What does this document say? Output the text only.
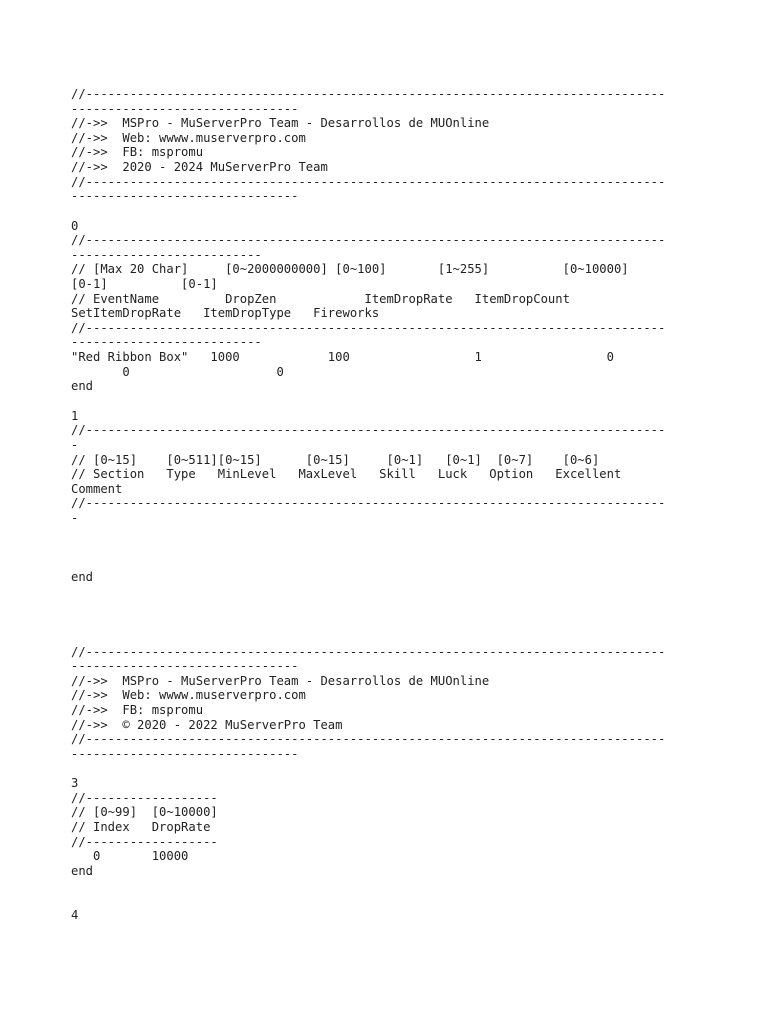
//-------------------------------------------------------------------------------

-------------------------------

//->>  MSPro - MuServerPro Team - Desarrollos de MUOnline

//->>  Web: wwww.muserverpro.com

//->>  FB: mspromu

//->>  2020 - 2024 MuServerPro Team

//-------------------------------------------------------------------------------

-------------------------------

0

//-------------------------------------------------------------------------------

--------------------------

// [Max 20 Char]     [0~2000000000] [0~100]       [1~255]          [0~10000]

[0-1]          [0-1]

// EventName         DropZen            ItemDropRate   ItemDropCount

SetItemDropRate   ItemDropType   Fireworks

//-------------------------------------------------------------------------------

--------------------------

"Red Ribbon Box"   1000            100                 1                 0

0                    0

end

1

//-------------------------------------------------------------------------------

-

// [0~15]    [0~511][0~15]      [0~15]     [0~1]   [0~1]  [0~7]    [0~6]

// Section   Type   MinLevel   MaxLevel   Skill   Luck   Option   Excellent

Comment

//-------------------------------------------------------------------------------

-

end

//-------------------------------------------------------------------------------

-------------------------------

//->>  MSPro - MuServerPro Team - Desarrollos de MUOnline

//->>  Web: wwww.muserverpro.com

//->>  FB: mspromu

//->>  © 2020 - 2022 MuServerPro Team

//-------------------------------------------------------------------------------

-------------------------------

3

//------------------

// [0~99]  [0~10000]

// Index   DropRate

//------------------

0       10000

end

4
